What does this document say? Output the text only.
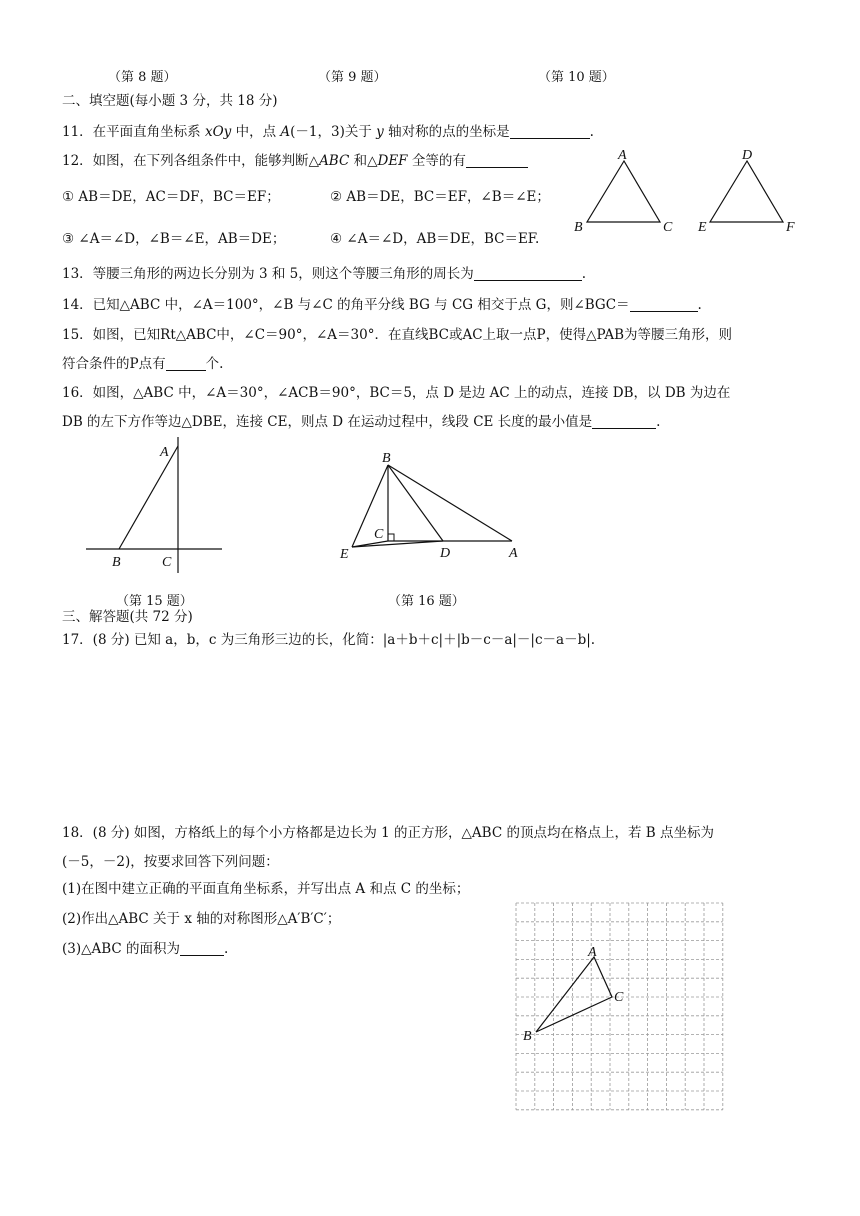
（第 8 题）	（第 9 题）	（第 10 题）
二、填空题(每小题 3 分，共 18 分)
11．在平面直角坐标系 xOy 中，点 A(－1，3)关于 y 轴对称的点的坐标是	.
12．如图，在下列各组条件中，能够判断△ABC 和△DEF 全等的有
① AB＝DE，AC＝DF，BC＝EF；	② AB＝DE，BC＝EF，∠B＝∠E；
③ ∠A＝∠D，∠B＝∠E，AB＝DE；	④ ∠A＝∠D，AB＝DE，BC＝EF.
A
B	C
D
E	F
13．等腰三角形的两边长分别为 3 和 5，则这个等腰三角形的周长为	.
14．已知△ABC 中，∠A＝100°，∠B 与∠C 的角平分线 BG 与 CG 相交于点 G，则∠BGC＝	.
15．如图，已知Rt△ABC中，∠C＝90°，∠A＝30°．在直线BC或AC上取一点P，使得△PAB为等腰三角形，则
符合条件的P点有	个.
16．如图，△ABC 中，∠A＝30°，∠ACB＝90°，BC＝5，点 D 是边 AC 上的动点，连接 DB，以 DB 为边在
DB 的左下方作等边△DBE，连接 CE，则点 D 在运动过程中，线段 CE 长度的最小值是	.
A
B	C
B
C
D
E	A
（第 15 题）	（第 16 题）
三、解答题(共 72 分)
17．(8 分) 已知 a，b，c 为三角形三边的长，化简：|a＋b＋c|＋|b－c－a|－|c－a－b|.
18．(8 分) 如图，方格纸上的每个小方格都是边长为 1 的正方形，△ABC 的顶点均在格点上，若 B 点坐标为
(－5，－2)，按要求回答下列问题：
(1)在图中建立正确的平面直角坐标系，并写出点 A 和点 C 的坐标；
(2)作出△ABC 关于 x 轴的对称图形△A′B′C′；
(3)△ABC 的面积为	.	A
C
B
